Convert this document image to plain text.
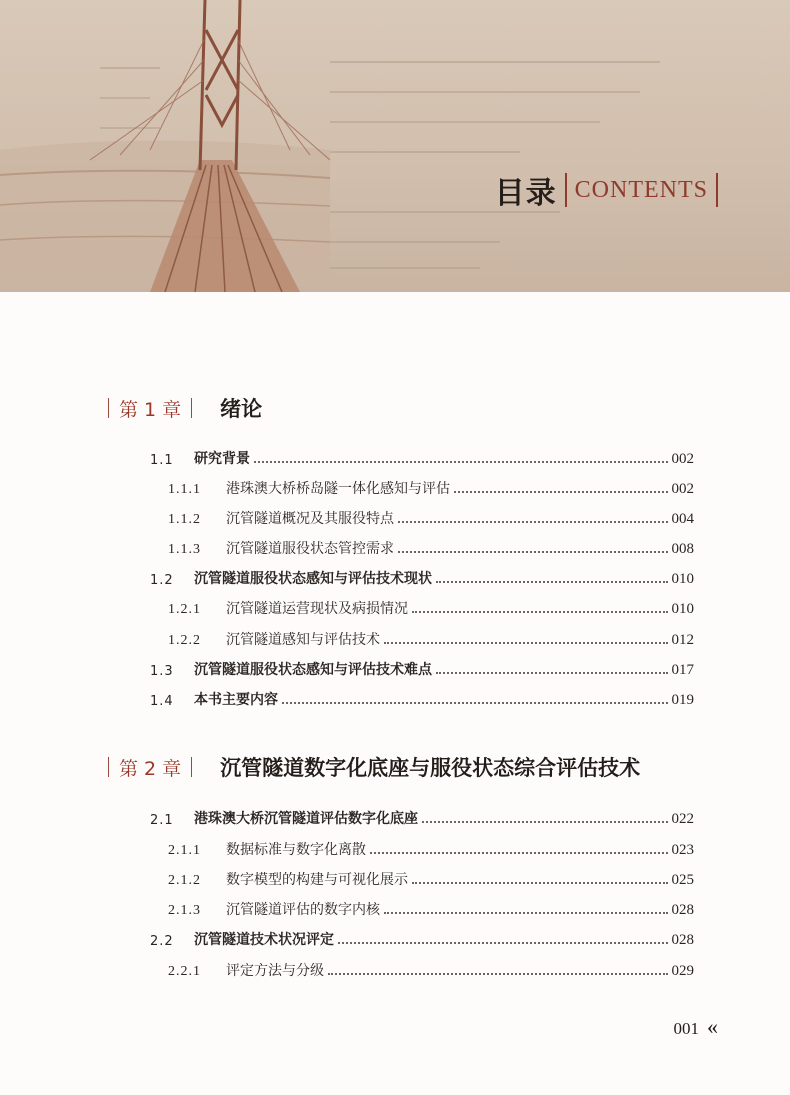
目录 CONTENTS
第 1 章 绪论
1.1	研究背景	002
1.1.1	港珠澳大桥桥岛隧一体化感知与评估	002
1.1.2	沉管隧道概况及其服役特点	004
1.1.3	沉管隧道服役状态管控需求	008
1.2	沉管隧道服役状态感知与评估技术现状	010
1.2.1	沉管隧道运营现状及病损情况	010
1.2.2	沉管隧道感知与评估技术	012
1.3	沉管隧道服役状态感知与评估技术难点	017
1.4	本书主要内容	019
第 2 章 沉管隧道数字化底座与服役状态综合评估技术
2.1	港珠澳大桥沉管隧道评估数字化底座	022
2.1.1	数据标准与数字化离散	023
2.1.2	数字模型的构建与可视化展示	025
2.1.3	沉管隧道评估的数字内核	028
2.2	沉管隧道技术状况评定	028
2.2.1	评定方法与分级	029
001 «
